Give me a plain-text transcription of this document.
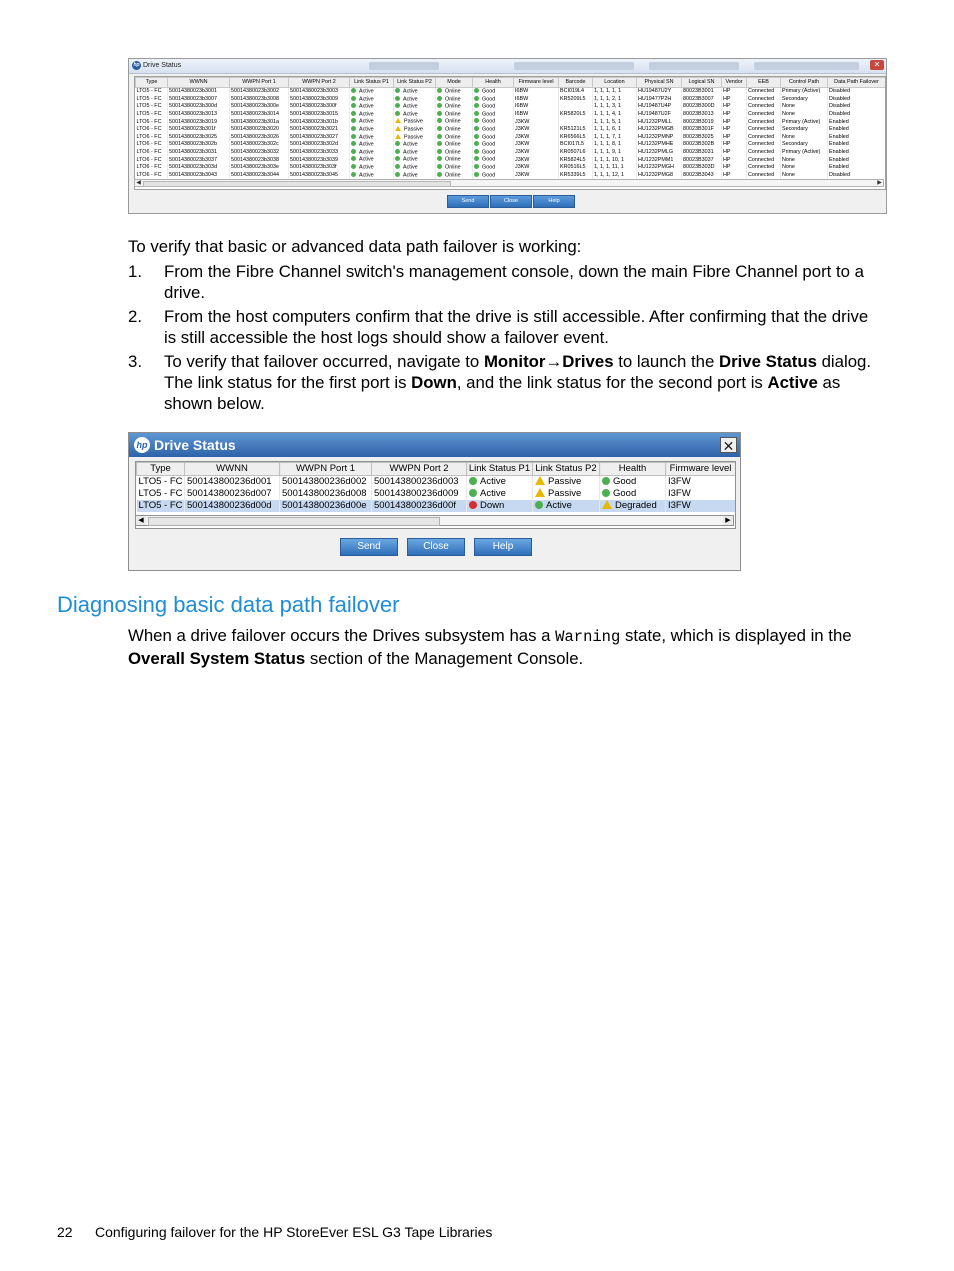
hp Drive Status	✕
Type	WWNN	WWPN Port 1	WWPN Port 2	Link Status P1	Link Status P2	Mode	Health	Firmware level	Barcode	Location	Physical SN	Logical SN	Vendor	EEB	Control Path	Data Path Failover
LTO5 - FC	50014380023b3001	50014380023b3002	50014380023b3003	Active	Active	Online	Good	I6BW	BCI019L4	1, 1, 1, 1, 1	HU19487U2Y	80023B3001	HP	Connected	Primary (Active)	Disabled
LTO5 - FC	50014380023b3007	50014380023b3008	50014380023b3009	Active	Active	Online	Good	I6BW	KR5209L5	1, 1, 1, 2, 1	HU19477P2H	80023B3007	HP	Connected	Secondary	Disabled
LTO5 - FC	50014380023b300d	50014380023b300e	50014380023b300f	Active	Active	Online	Good	I6BW		1, 1, 1, 3, 1	HU19487U4P	80023B300D	HP	Connected	None	Disabled
LTO5 - FC	50014380023b3013	50014380023b3014	50014380023b3015	Active	Active	Online	Good	I6BW	KR5820L5	1, 1, 1, 4, 1	HU19487U2F	80023B3013	HP	Connected	None	Disabled
LTO6 - FC	50014380023b3019	50014380023b301a	50014380023b301b	Active	Passive	Online	Good	J3KW		1, 1, 1, 5, 1	HU1232PMLL	80023B3019	HP	Connected	Primary (Active)	Enabled
LTO6 - FC	50014380023b301f	50014380023b3020	50014380023b3021	Active	Passive	Online	Good	J3KW	KR5121L5	1, 1, 1, 6, 1	HU1232PMGB	80023B301F	HP	Connected	Secondary	Enabled
LTO6 - FC	50014380023b3025	50014380023b3026	50014380023b3027	Active	Passive	Online	Good	J3KW	KR6566L5	1, 1, 1, 7, 1	HU1232PMNP	80023B3025	HP	Connected	None	Enabled
LTO6 - FC	50014380023b302b	50014380023b302c	50014380023b302d	Active	Active	Online	Good	J3KW	BCI017L5	1, 1, 1, 8, 1	HU1232PMHE	80023B302B	HP	Connected	Secondary	Enabled
LTO6 - FC	50014380023b3031	50014380023b3032	50014380023b3033	Active	Active	Online	Good	J3KW	KR0507L6	1, 1, 1, 9, 1	HU1232PMLG	80023B3031	HP	Connected	Primary (Active)	Enabled
LTO6 - FC	50014380023b3037	50014380023b3038	50014380023b3039	Active	Active	Online	Good	J3KW	KR5824L5	1, 1, 1, 10, 1	HU1232PMM1	80023B3037	HP	Connected	None	Enabled
LTO6 - FC	50014380023b303d	50014380023b303e	50014380023b303f	Active	Active	Online	Good	J3KW	KR0516L5	1, 1, 1, 11, 1	HU1232PMGH	80023B303D	HP	Connected	None	Enabled
LTO6 - FC	50014380023b3043	50014380023b3044	50014380023b3045	Active	Active	Online	Good	J3KW	KR5339L5	1, 1, 1, 12, 1	HU1232PMG8	80023B3043	HP	Connected	None	Disabled
◀	▶
Send	Close	Help
To verify that basic or advanced data path failover is working:
1.	From the Fibre Channel switch's management console, down the main Fibre Channel port to a drive.
2.	From the host computers confirm that the drive is still accessible. After confirming that the drive is still accessible the host logs should show a failover event.
3.	To verify that failover occurred, navigate to Monitor→Drives to launch the Drive Status dialog. The link status for the first port is Down, and the link status for the second port is Active as shown below.
hp Drive Status	✕
Type	WWNN	WWPN Port 1	WWPN Port 2	Link Status P1	Link Status P2	Health	Firmware level
LTO5 - FC	500143800236d001	500143800236d002	500143800236d003	Active	Passive	Good	I3FW
LTO5 - FC	500143800236d007	500143800236d008	500143800236d009	Active	Passive	Good	I3FW
LTO5 - FC	500143800236d00d	500143800236d00e	500143800236d00f	Down	Active	Degraded	I3FW
◀	▶
Send	Close	Help
Diagnosing basic data path failover
When a drive failover occurs the Drives subsystem has a Warning state, which is displayed in the Overall System Status section of the Management Console.
22 Configuring failover for the HP StoreEver ESL G3 Tape Libraries
